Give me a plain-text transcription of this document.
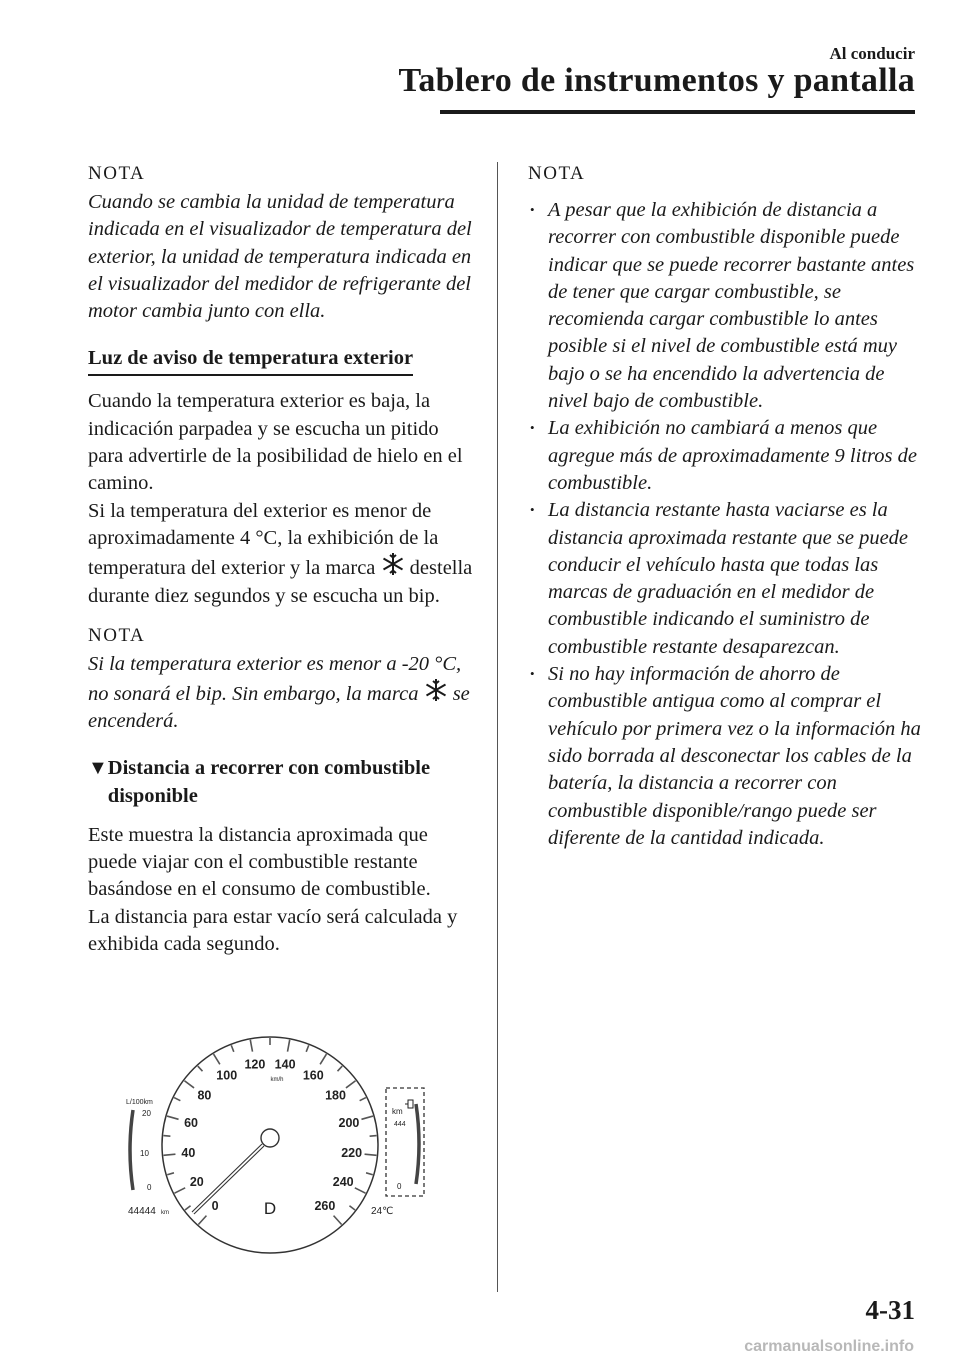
Al conducir
Tablero de instrumentos y pantalla

NOTA

Cuando se cambia la unidad de temperatura indicada en el visualizador de temperatura del exterior, la unidad de temperatura indicada en el visualizador del medidor de refrigerante del motor cambia junto con ella.

Luz de aviso de temperatura exterior

Cuando la temperatura exterior es baja, la indicación parpadea y se escucha un pitido para advertirle de la posibilidad de hielo en el camino.

Si la temperatura del exterior es menor de aproximadamente 4 °C, la exhibición de la temperatura del exterior y la marca destella durante diez segundos y se escucha un bip.

NOTA

Si la temperatura exterior es menor a -20 °C, no sonará el bip. Sin embargo, la marca se encenderá.

▼ Distancia a recorrer con combustible disponible

Este muestra la distancia aproximada que puede viajar con el combustible restante basándose en el consumo de combustible.

La distancia para estar vacío será calculada y exhibida cada segundo.

NOTA

• A pesar que la exhibición de distancia a recorrer con combustible disponible puede indicar que se puede recorrer bastante antes de tener que cargar combustible, se recomienda cargar combustible lo antes posible si el nivel de combustible está muy bajo o se ha encendido la advertencia de nivel bajo de combustible.
• La exhibición no cambiará a menos que agregue más de aproximadamente 9 litros de combustible.
• La distancia restante hasta vaciarse es la distancia aproximada restante que se puede conducir el vehículo hasta que todas las marcas de graduación en el medidor de combustible indicando el suministro de combustible restante desaparezcan.
• Si no hay información de ahorro de combustible antigua como al comprar el vehículo por primera vez o la información ha sido borrada al desconectar los cables de la batería, la distancia a recorrer con combustible disponible/rango puede ser diferente de la cantidad indicada.
0
20
40
60
80
100
120 140
160
180
200
220
240
260
km/h
D
L/100km
20
10
0
44444 km
km
444
0
24℃
4-31
carmanualsonline.info
